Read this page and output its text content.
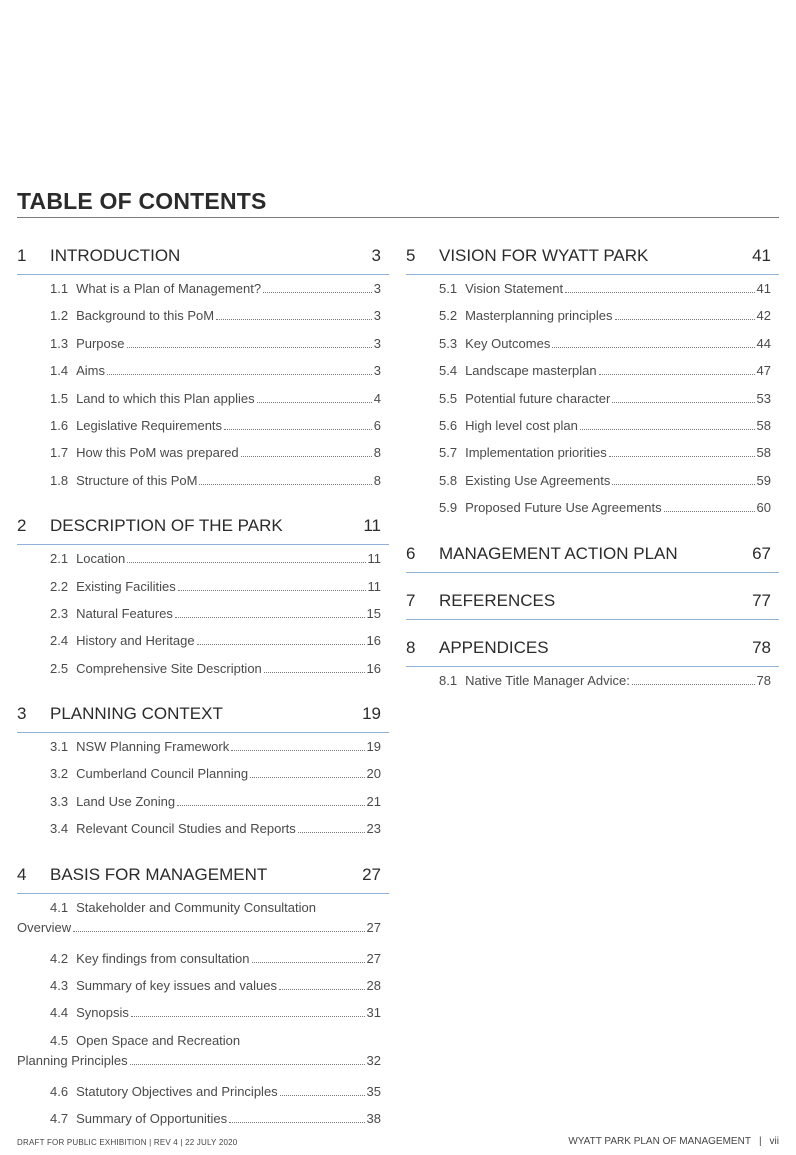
TABLE OF CONTENTS
1	INTRODUCTION	3
1.1 What is a Plan of Management?	3
1.2 Background to this PoM	3
1.3 Purpose	3
1.4 Aims	3
1.5 Land to which this Plan applies	4
1.6 Legislative Requirements	6
1.7 How this PoM was prepared	8
1.8 Structure of this PoM	8
2	DESCRIPTION OF THE PARK	11
2.1 Location	11
2.2 Existing Facilities	11
2.3 Natural Features	15
2.4 History and Heritage	16
2.5 Comprehensive Site Description	16
3	PLANNING CONTEXT	19
3.1 NSW Planning Framework	19
3.2 Cumberland Council Planning	20
3.3 Land Use Zoning	21
3.4 Relevant Council Studies and Reports	23
4	BASIS FOR MANAGEMENT	27
4.1 Stakeholder and Community Consultation
Overview	27
4.2 Key findings from consultation	27
4.3 Summary of key issues and values	28
4.4 Synopsis	31
4.5 Open Space and Recreation
Planning Principles	32
4.6 Statutory Objectives and Principles	35
4.7 Summary of Opportunities	38
5	VISION FOR WYATT PARK	41
5.1 Vision Statement	41
5.2 Masterplanning principles	42
5.3 Key Outcomes	44
5.4 Landscape masterplan	47
5.5 Potential future character	53
5.6 High level cost plan	58
5.7 Implementation priorities	58
5.8 Existing Use Agreements	59
5.9 Proposed Future Use Agreements	60
6	MANAGEMENT ACTION PLAN	67
7	REFERENCES	77
8	APPENDICES	78
8.1 Native Title Manager Advice:	78
DRAFT FOR PUBLIC EXHIBITION | REV 4 | 22 JULY 2020	WYATT PARK PLAN OF MANAGEMENT | vii
